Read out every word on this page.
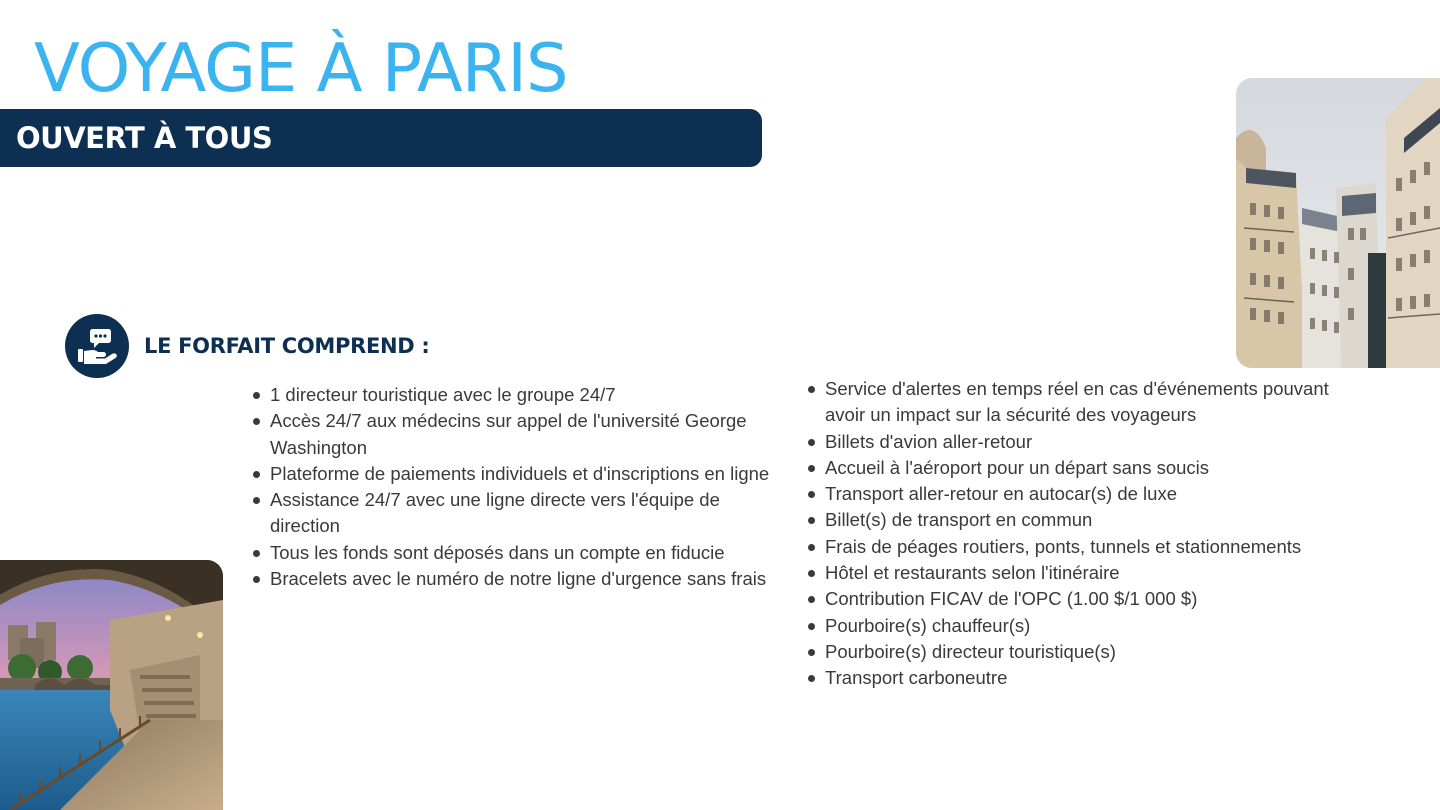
VOYAGE À PARIS
OUVERT À TOUS
LE FORFAIT COMPREND :
1 directeur touristique avec le groupe 24/7
Accès 24/7 aux médecins sur appel de l'université George Washington
Plateforme de paiements individuels et d'inscriptions en ligne
Assistance 24/7 avec une ligne directe vers l'équipe de direction
Tous les fonds sont déposés dans un compte en fiducie
Bracelets avec le numéro de notre ligne d'urgence sans frais
Service d'alertes en temps réel en cas d'événements pouvant avoir un impact sur la sécurité des voyageurs
Billets d'avion aller-retour
Accueil à l'aéroport pour un départ sans soucis
Transport aller-retour en autocar(s) de luxe
Billet(s) de transport en commun
Frais de péages routiers, ponts, tunnels et stationnements
Hôtel et restaurants selon l'itinéraire
Contribution FICAV de l'OPC (1.00 $/1 000 $)
Pourboire(s) chauffeur(s)
Pourboire(s) directeur touristique(s)
Transport carboneutre
